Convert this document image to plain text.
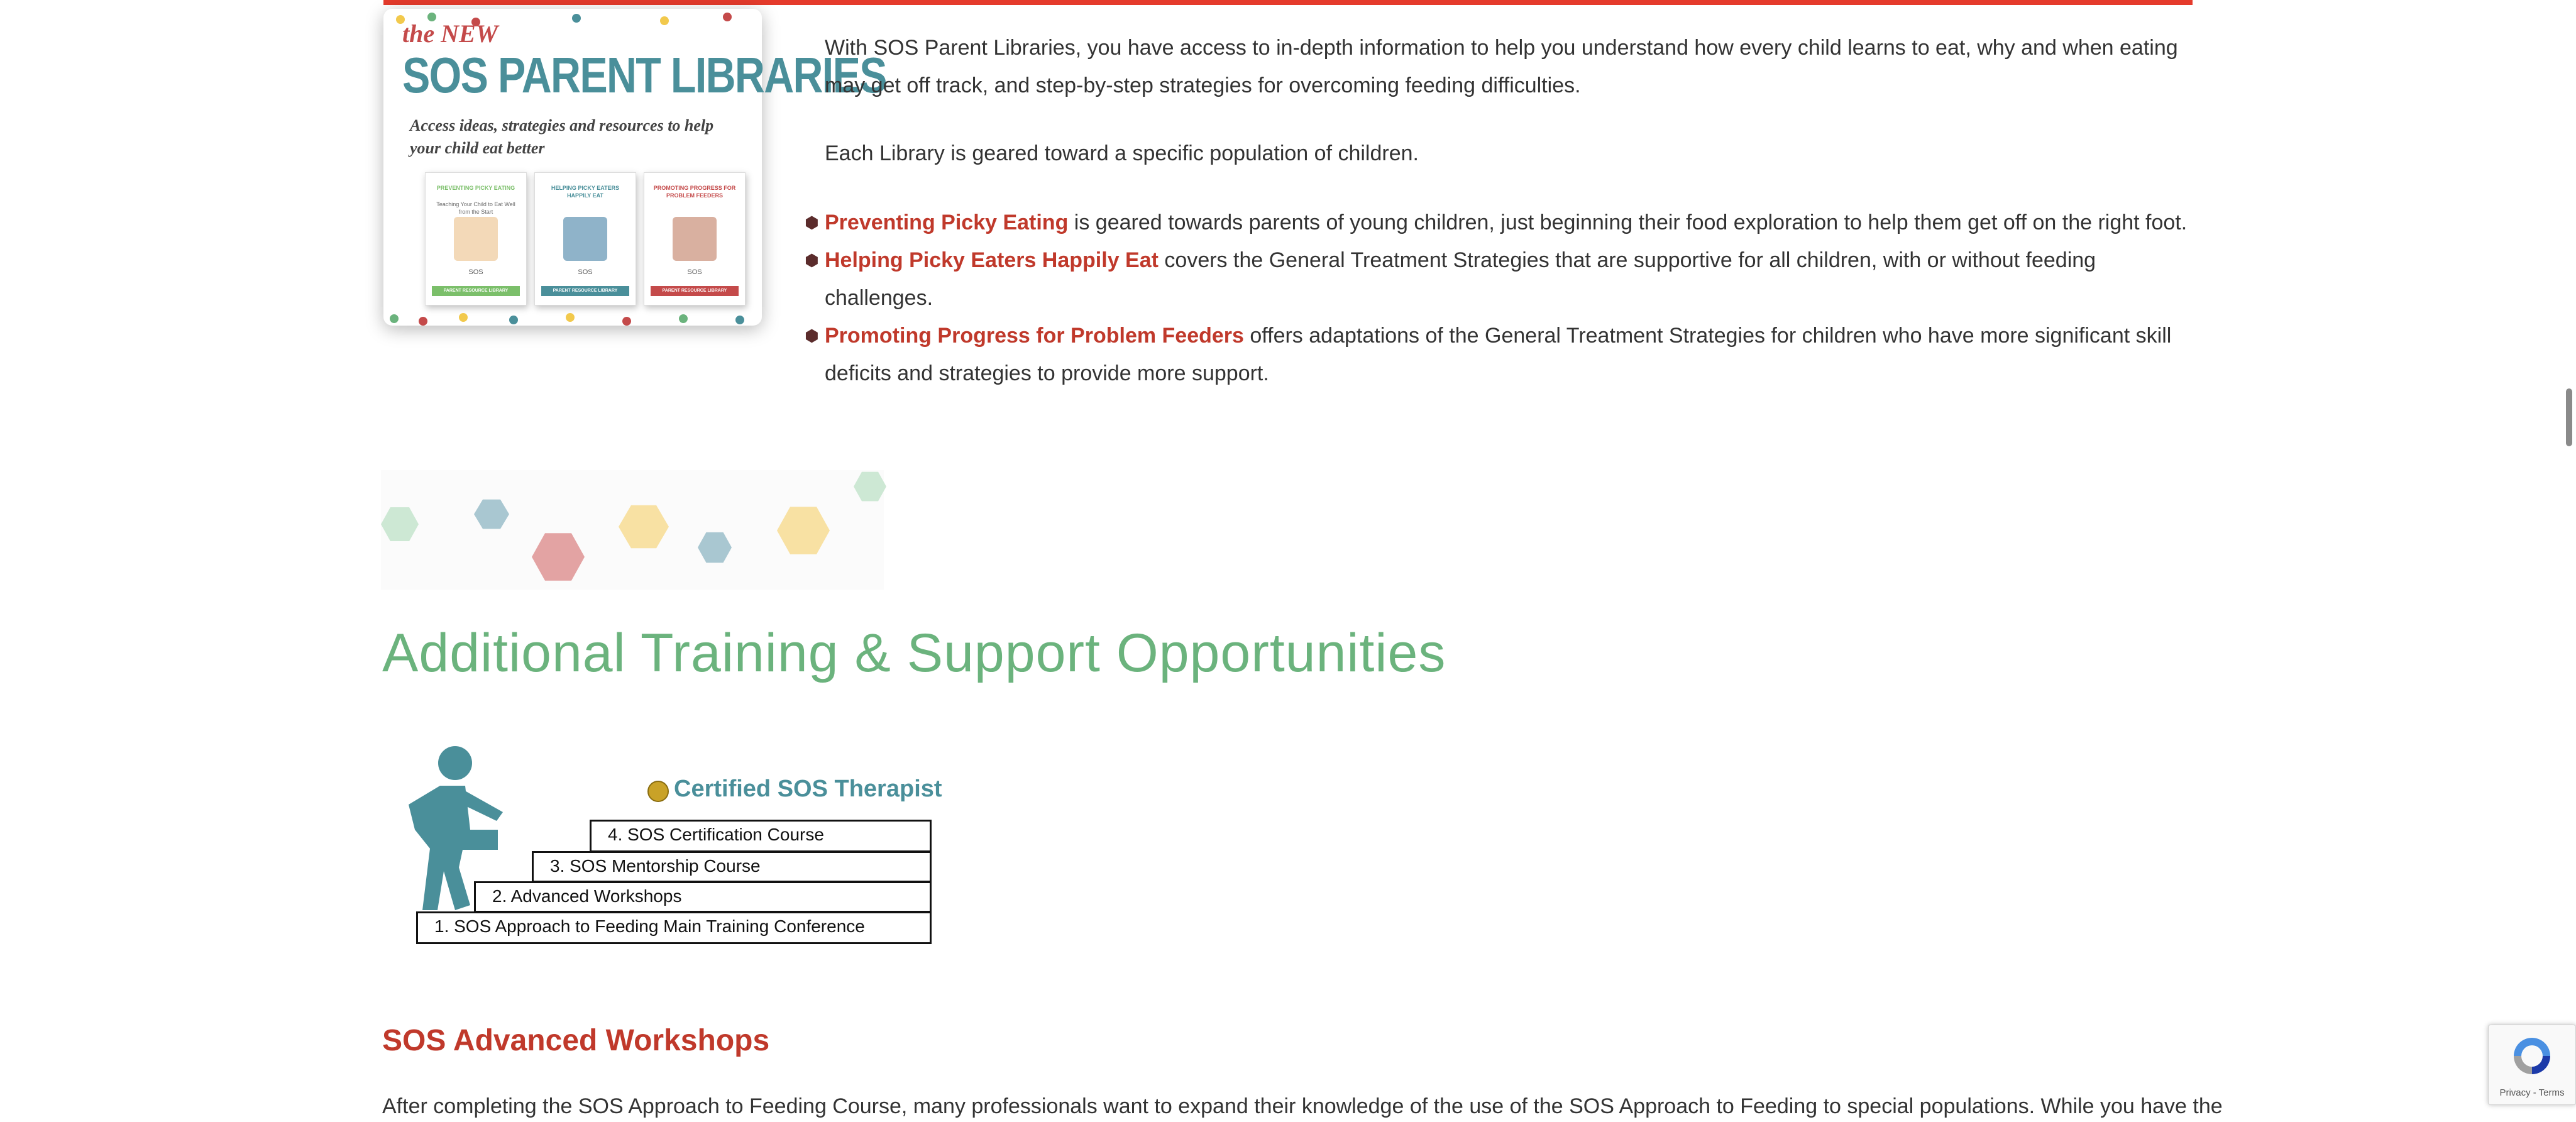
the NEW
SOS PARENT LIBRARIES
Access ideas, strategies and resources to help your child eat better
PREVENTING PICKY EATING
Teaching Your Child to Eat Well from the Start
SOS
PARENT RESOURCE LIBRARY
HELPING PICKY EATERS HAPPILY EAT
SOS
PARENT RESOURCE LIBRARY
PROMOTING PROGRESS FOR PROBLEM FEEDERS
SOS
PARENT RESOURCE LIBRARY
With SOS Parent Libraries, you have access to in-depth information to help you understand how every child learns to eat, why and when eating may get off track, and step-by-step strategies for overcoming feeding difficulties.
Each Library is geared toward a specific population of children.
⬢ Preventing Picky Eating is geared towards parents of young children, just beginning their food exploration to help them get off on the right foot.
⬢ Helping Picky Eaters Happily Eat covers the General Treatment Strategies that are supportive for all children, with or without feeding challenges.
⬢ Promoting Progress for Problem Feeders offers adaptations of the General Treatment Strategies for children who have more significant skill deficits and strategies to provide more support.
Additional Training & Support Opportunities
Certified SOS Therapist
4. SOS Certification Course
3. SOS Mentorship Course
2. Advanced Workshops
1. SOS Approach to Feeding Main Training Conference
SOS Advanced Workshops
After completing the SOS Approach to Feeding Course, many professionals want to expand their knowledge of the use of the SOS Approach to Feeding to special populations. While you have the
Privacy - Terms
